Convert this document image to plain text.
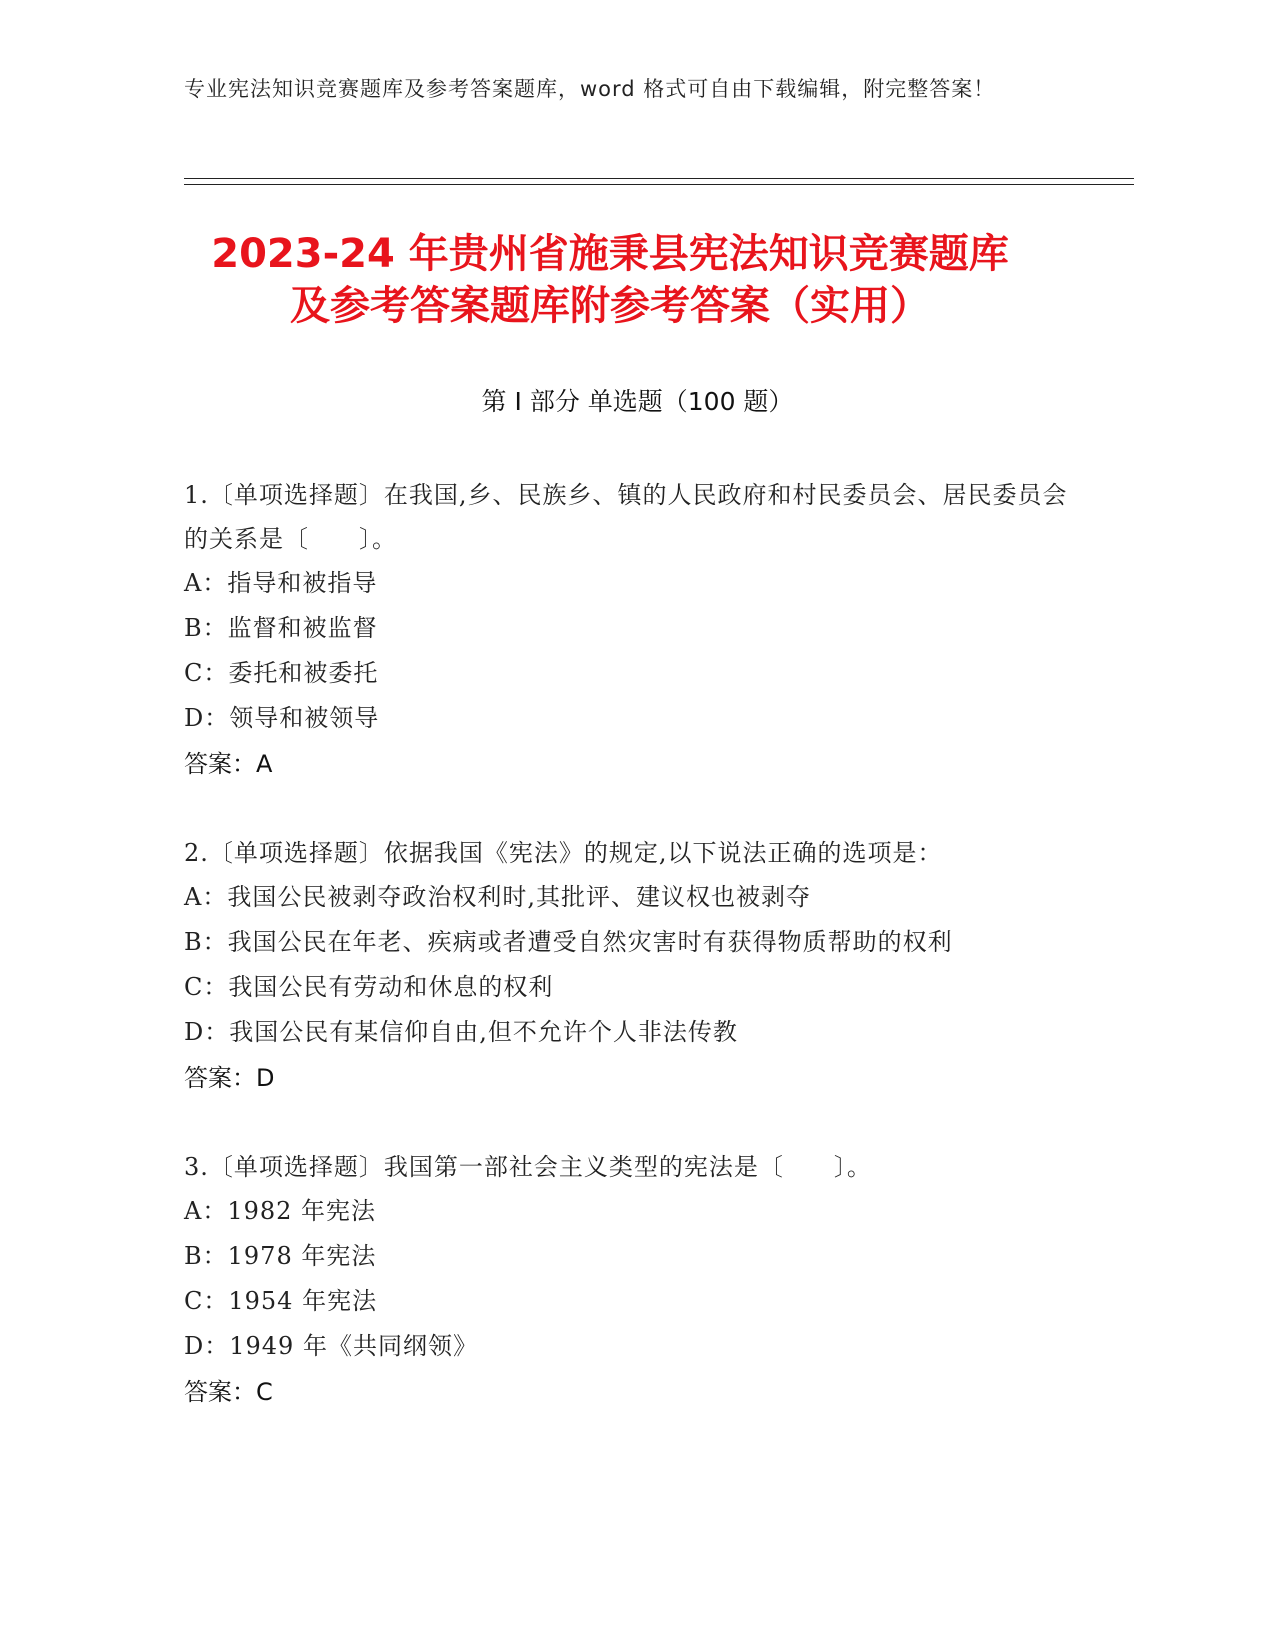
专业宪法知识竞赛题库及参考答案题库，word 格式可自由下载编辑，附完整答案！
2023-24 年贵州省施秉县宪法知识竞赛题库
及参考答案题库附参考答案（实用）
第 I 部分 单选题（100 题）
1.〔单项选择题〕在我国,乡、民族乡、镇的人民政府和村民委员会、居民委员会的关系是〔　　〕。
A：指导和被指导
B：监督和被监督
C：委托和被委托
D：领导和被领导
答案：A
2.〔单项选择题〕依据我国《宪法》的规定,以下说法正确的选项是：
A：我国公民被剥夺政治权利时,其批评、建议权也被剥夺
B：我国公民在年老、疾病或者遭受自然灾害时有获得物质帮助的权利
C：我国公民有劳动和休息的权利
D：我国公民有某信仰自由,但不允许个人非法传教
答案：D
3.〔单项选择题〕我国第一部社会主义类型的宪法是〔　　〕。
A：1982 年宪法
B：1978 年宪法
C：1954 年宪法
D：1949 年《共同纲领》
答案：C
